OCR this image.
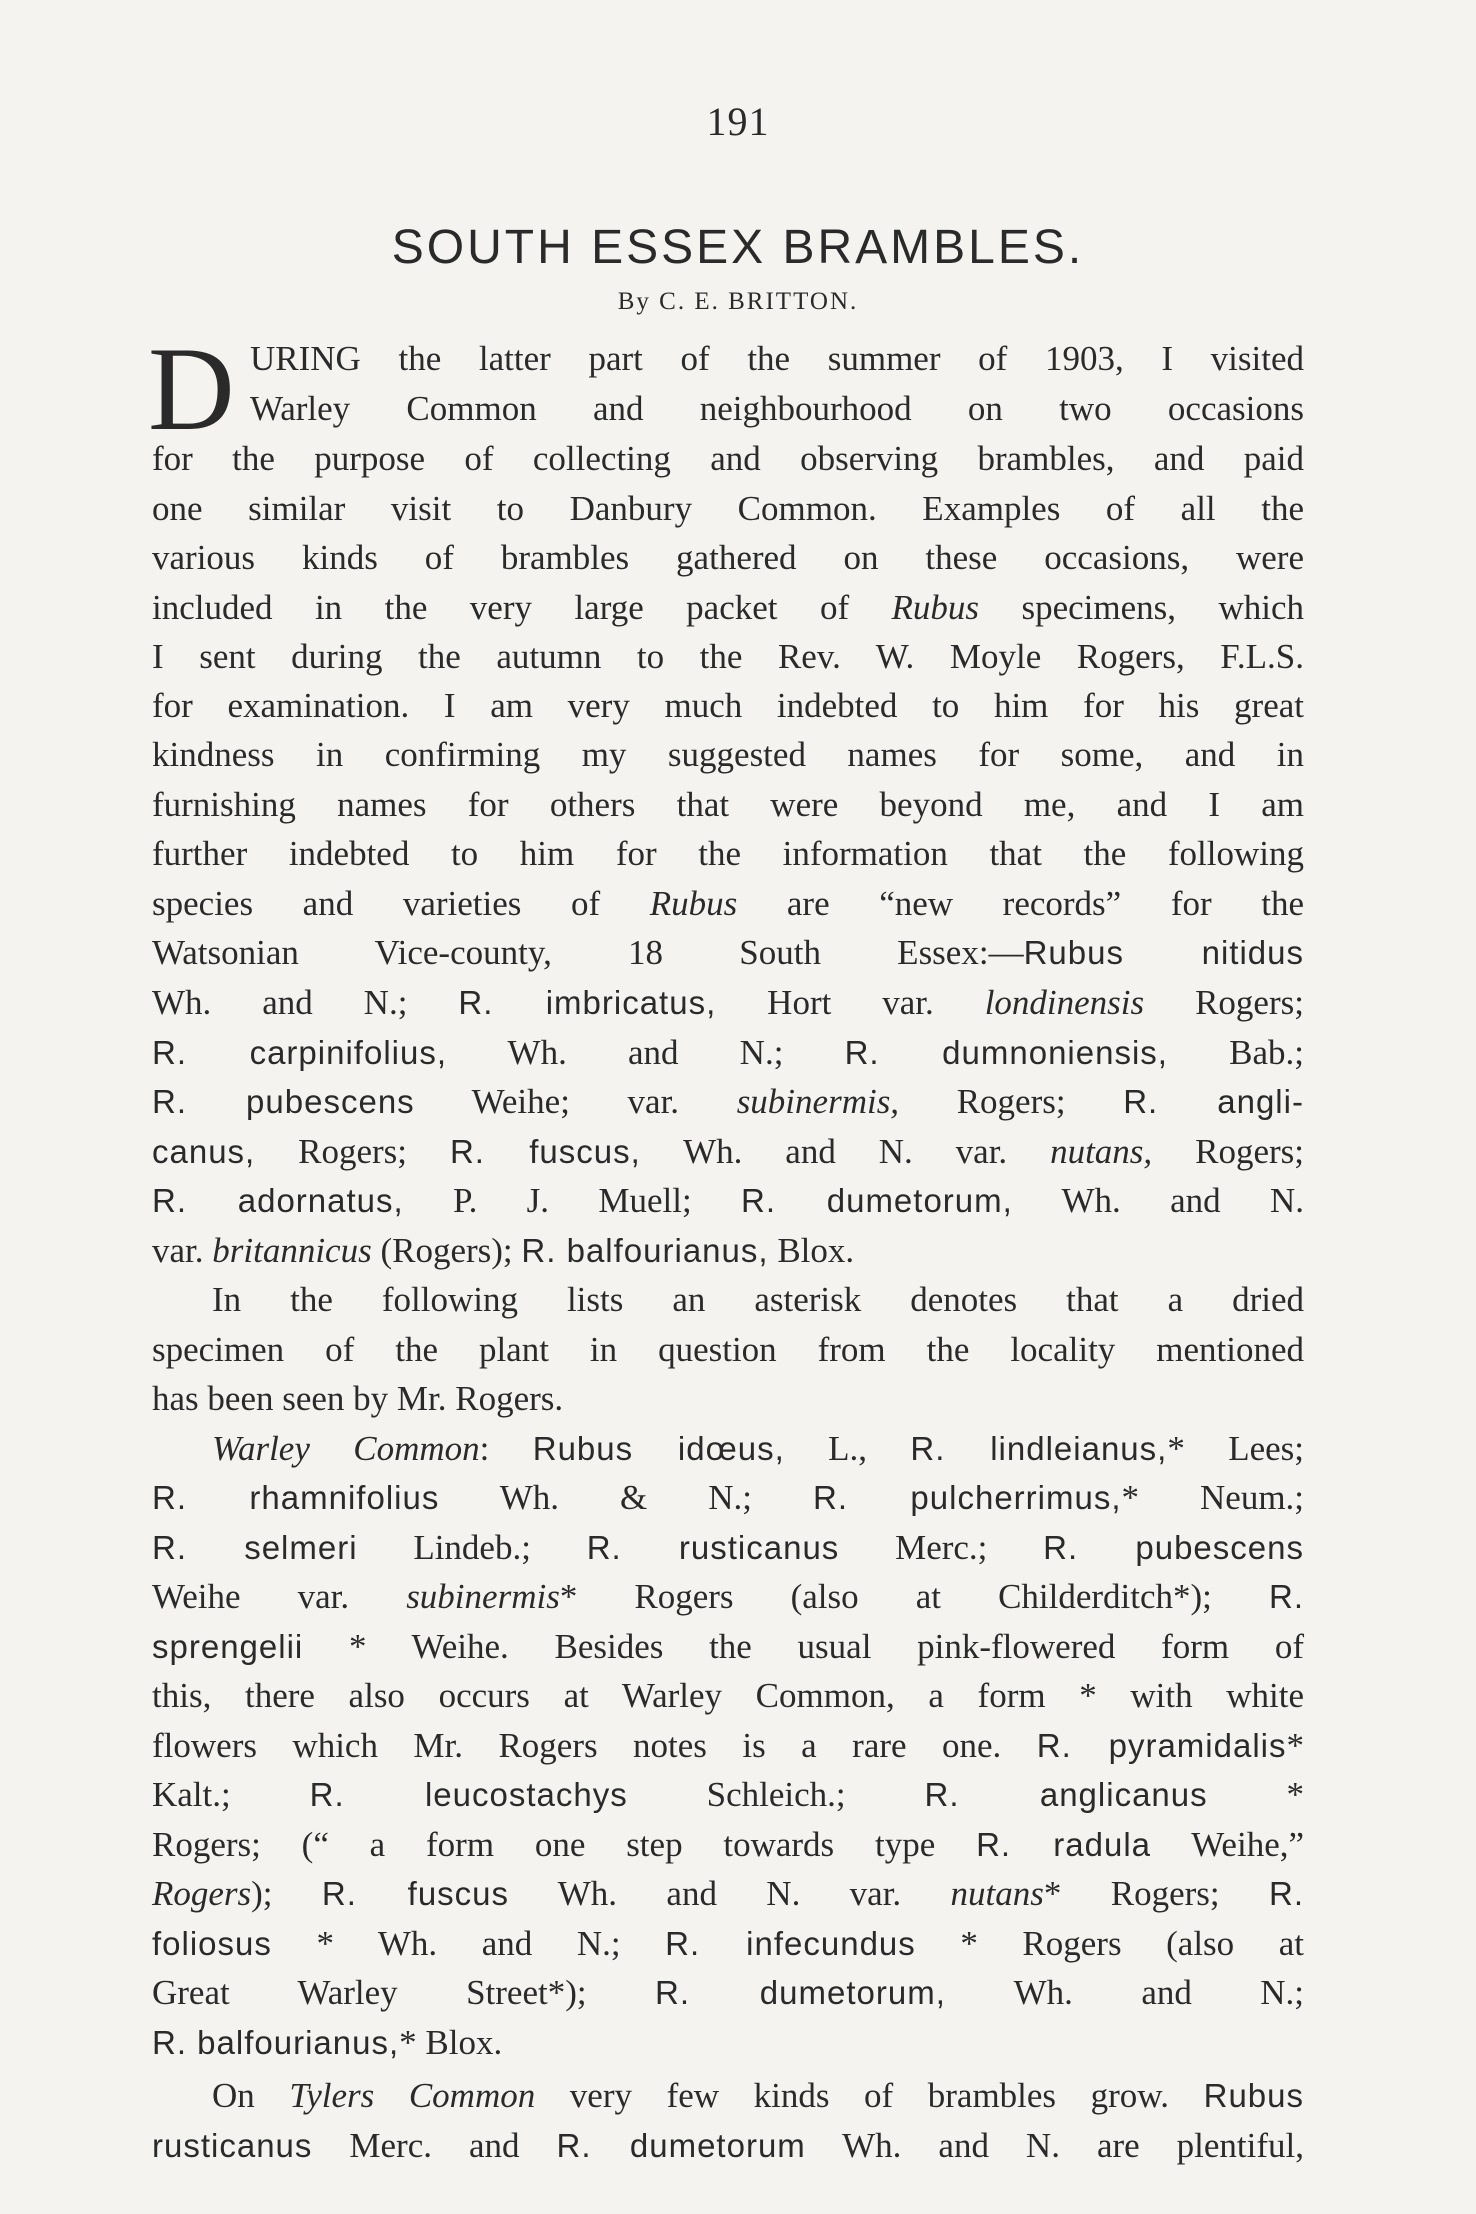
191
SOUTH ESSEX BRAMBLES.
By C. E. BRITTON.
D URING the latter part of the summer of 1903, I visited
Warley Common and neighbourhood on two occasions
for the purpose of collecting and observing brambles, and paid
one similar visit to Danbury Common. Examples of all the
various kinds of brambles gathered on these occasions, were
included in the very large packet of Rubus specimens, which
I sent during the autumn to the Rev. W. Moyle Rogers, F.L.S.
for examination. I am very much indebted to him for his great
kindness in confirming my suggested names for some, and in
furnishing names for others that were beyond me, and I am
further indebted to him for the information that the following
species and varieties of Rubus are “new records” for the
Watsonian Vice-county, 18 South Essex:—Rubus nitidus
Wh. and N.; R. imbricatus, Hort var. londinensis Rogers;
R. carpinifolius, Wh. and N.; R. dumnoniensis, Bab.;
R. pubescens Weihe; var. subinermis, Rogers; R. angli-
canus, Rogers; R. fuscus, Wh. and N. var. nutans, Rogers;
R. adornatus, P. J. Muell; R. dumetorum, Wh. and N.
var. britannicus (Rogers); R. balfourianus, Blox.
In the following lists an asterisk denotes that a dried
specimen of the plant in question from the locality mentioned
has been seen by Mr. Rogers.
Warley Common: Rubus idœus, L., R. lindleianus,* Lees;
R. rhamnifolius Wh. & N.; R. pulcherrimus,* Neum.;
R. selmeri Lindeb.; R. rusticanus Merc.; R. pubescens
Weihe var. subinermis* Rogers (also at Childerditch*); R.
sprengelii * Weihe. Besides the usual pink-flowered form of
this, there also occurs at Warley Common, a form * with white
flowers which Mr. Rogers notes is a rare one. R. pyramidalis*
Kalt.; R. leucostachys Schleich.; R. anglicanus *
Rogers; (“ a form one step towards type R. radula Weihe,”
Rogers); R. fuscus Wh. and N. var. nutans* Rogers; R.
foliosus * Wh. and N.; R. infecundus * Rogers (also at
Great Warley Street*); R. dumetorum, Wh. and N.;
R. balfourianus,* Blox.
On Tylers Common very few kinds of brambles grow. Rubus
rusticanus Merc. and R. dumetorum Wh. and N. are plentiful,
